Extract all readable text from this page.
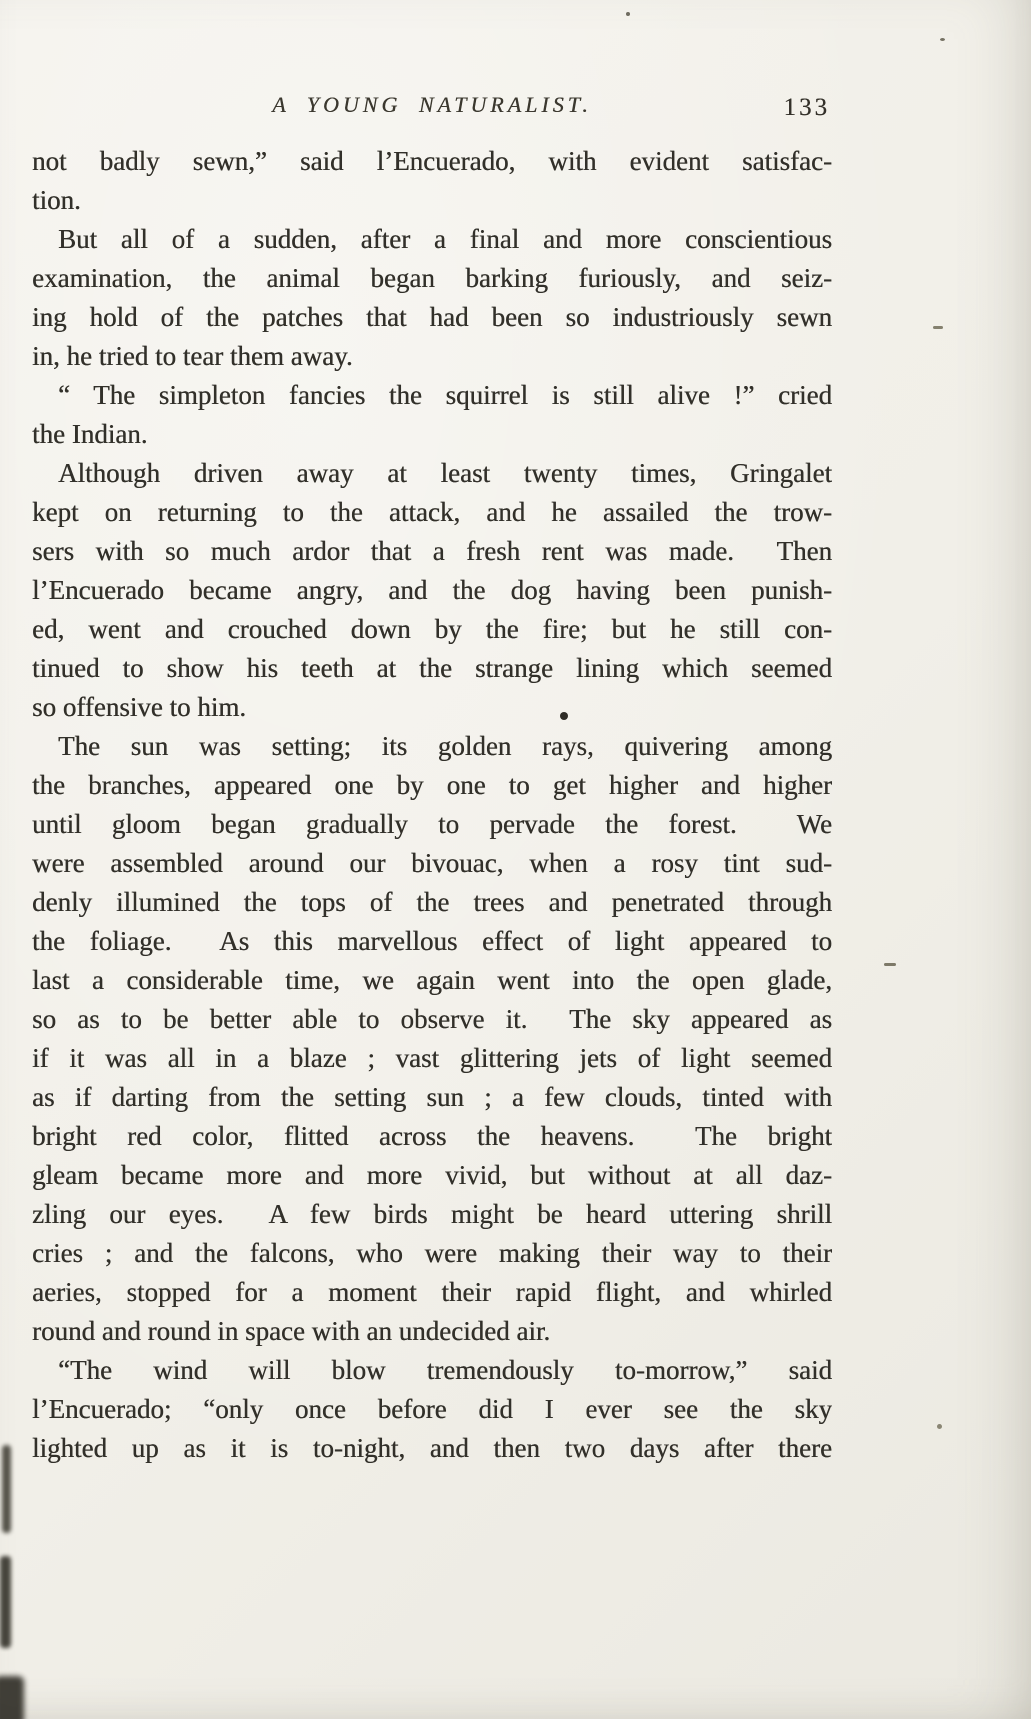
A YOUNG NATURALIST.	133
not badly sewn,” said l’Encuerado, with evident satisfac-
tion.
But all of a sudden, after a final and more conscientious
examination, the animal began barking furiously, and seiz-
ing hold of the patches that had been so industriously sewn
in, he tried to tear them away.
“ The simpleton fancies the squirrel is still alive !” cried
the Indian.
Although driven away at least twenty times, Gringalet
kept on returning to the attack, and he assailed the trow-
sers with so much ardor that a fresh rent was made.  Then
l’Encuerado became angry, and the dog having been punish-
ed, went and crouched down by the fire; but he still con-
tinued to show his teeth at the strange lining which seemed
so offensive to him.
The sun was setting; its golden rays, quivering among
the branches, appeared one by one to get higher and higher
until gloom began gradually to pervade the forest.  We
were assembled around our bivouac, when a rosy tint sud-
denly illumined the tops of the trees and penetrated through
the foliage.  As this marvellous effect of light appeared to
last a considerable time, we again went into the open glade,
so as to be better able to observe it.  The sky appeared as
if it was all in a blaze ; vast glittering jets of light seemed
as if darting from the setting sun ; a few clouds, tinted with
bright red color, flitted across the heavens.  The bright
gleam became more and more vivid, but without at all daz-
zling our eyes.  A few birds might be heard uttering shrill
cries ; and the falcons, who were making their way to their
aeries, stopped for a moment their rapid flight, and whirled
round and round in space with an undecided air.
“The wind will blow tremendously to-morrow,” said
l’Encuerado; “only once before did I ever see the sky
lighted up as it is to-night, and then two days after there
